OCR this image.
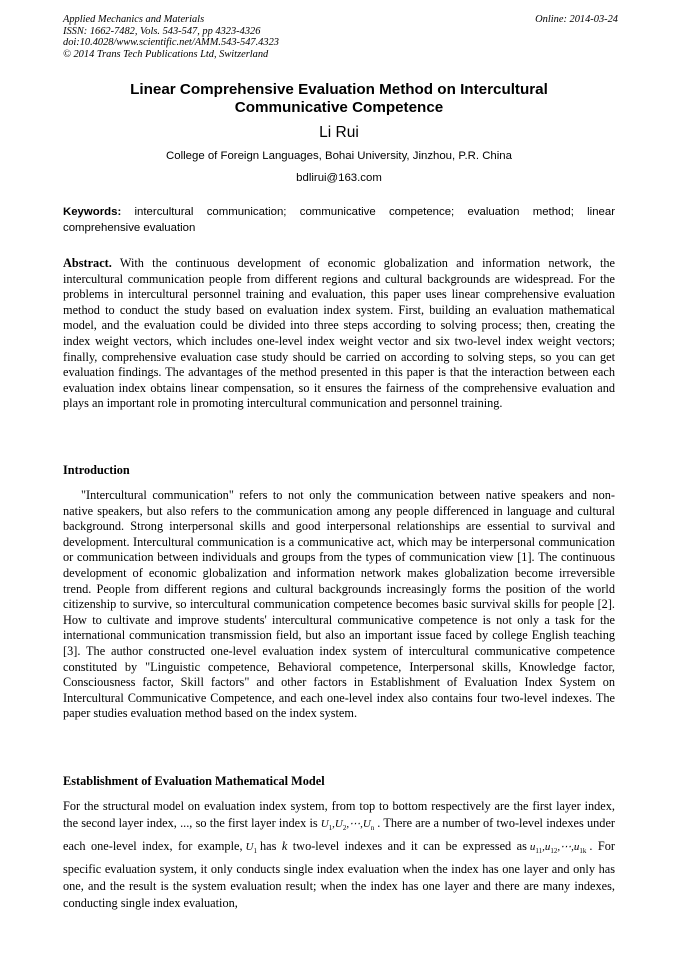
Applied Mechanics and Materials
ISSN: 1662-7482, Vols. 543-547, pp 4323-4326
doi:10.4028/www.scientific.net/AMM.543-547.4323
© 2014 Trans Tech Publications Ltd, Switzerland
Online: 2014-03-24
Linear Comprehensive Evaluation Method on Intercultural
Communicative Competence
Li Rui
College of Foreign Languages, Bohai University, Jinzhou, P.R. China
bdlirui@163.com
Keywords: intercultural communication; communicative competence; evaluation method; linear comprehensive evaluation
Abstract. With the continuous development of economic globalization and information network, the intercultural communication people from different regions and cultural backgrounds are widespread. For the problems in intercultural personnel training and evaluation, this paper uses linear comprehensive evaluation method to conduct the study based on evaluation index system. First, building an evaluation mathematical model, and the evaluation could be divided into three steps according to solving process; then, creating the index weight vectors, which includes one-level index weight vector and six two-level index weight vectors; finally, comprehensive evaluation case study should be carried on according to solving steps, so you can get evaluation findings. The advantages of the method presented in this paper is that the interaction between each evaluation index obtains linear compensation, so it ensures the fairness of the comprehensive evaluation and plays an important role in promoting intercultural communication and personnel training.
Introduction

"Intercultural communication" refers to not only the communication between native speakers and non-native speakers, but also refers to the communication among any people differenced in language and cultural background. Strong interpersonal skills and good interpersonal relationships are essential to survival and development. Intercultural communication is a communicative act, which may be interpersonal communication or communication between individuals and groups from the types of communication view [1]. The continuous development of economic globalization and information network makes globalization become irreversible trend. People from different regions and cultural backgrounds increasingly forms the position of the world citizenship to survive, so intercultural communication competence becomes basic survival skills for people [2]. How to cultivate and improve students' intercultural communicative competence is not only a task for the international communication transmission field, but also an important issue faced by college English teaching [3]. The author constructed one-level evaluation index system of intercultural communicative competence constituted by "Linguistic competence, Behavioral competence, Interpersonal skills, Knowledge factor, Consciousness factor, Skill factors" and other factors in Establishment of Evaluation Index System on Intercultural Communicative Competence, and each one-level index also contains four two-level indexes. The paper studies evaluation method based on the index system.

Establishment of Evaluation Mathematical Model

For the structural model on evaluation index system, from top to bottom respectively are the first layer index, the second layer index, ..., so the first layer index is $U_1,U_2,\cdots,U_n$ . There are a number of two-level indexes under each one-level index, for example, $U_1$ has k two-level indexes and it can be expressed as $u_{11},u_{12},\cdots,u_{1k}$ . For specific evaluation system, it only conducts single index evaluation when the index has one layer and only has one, and the result is the system evaluation result; when the index has one layer and there are many indexes, conducting single index evaluation,
